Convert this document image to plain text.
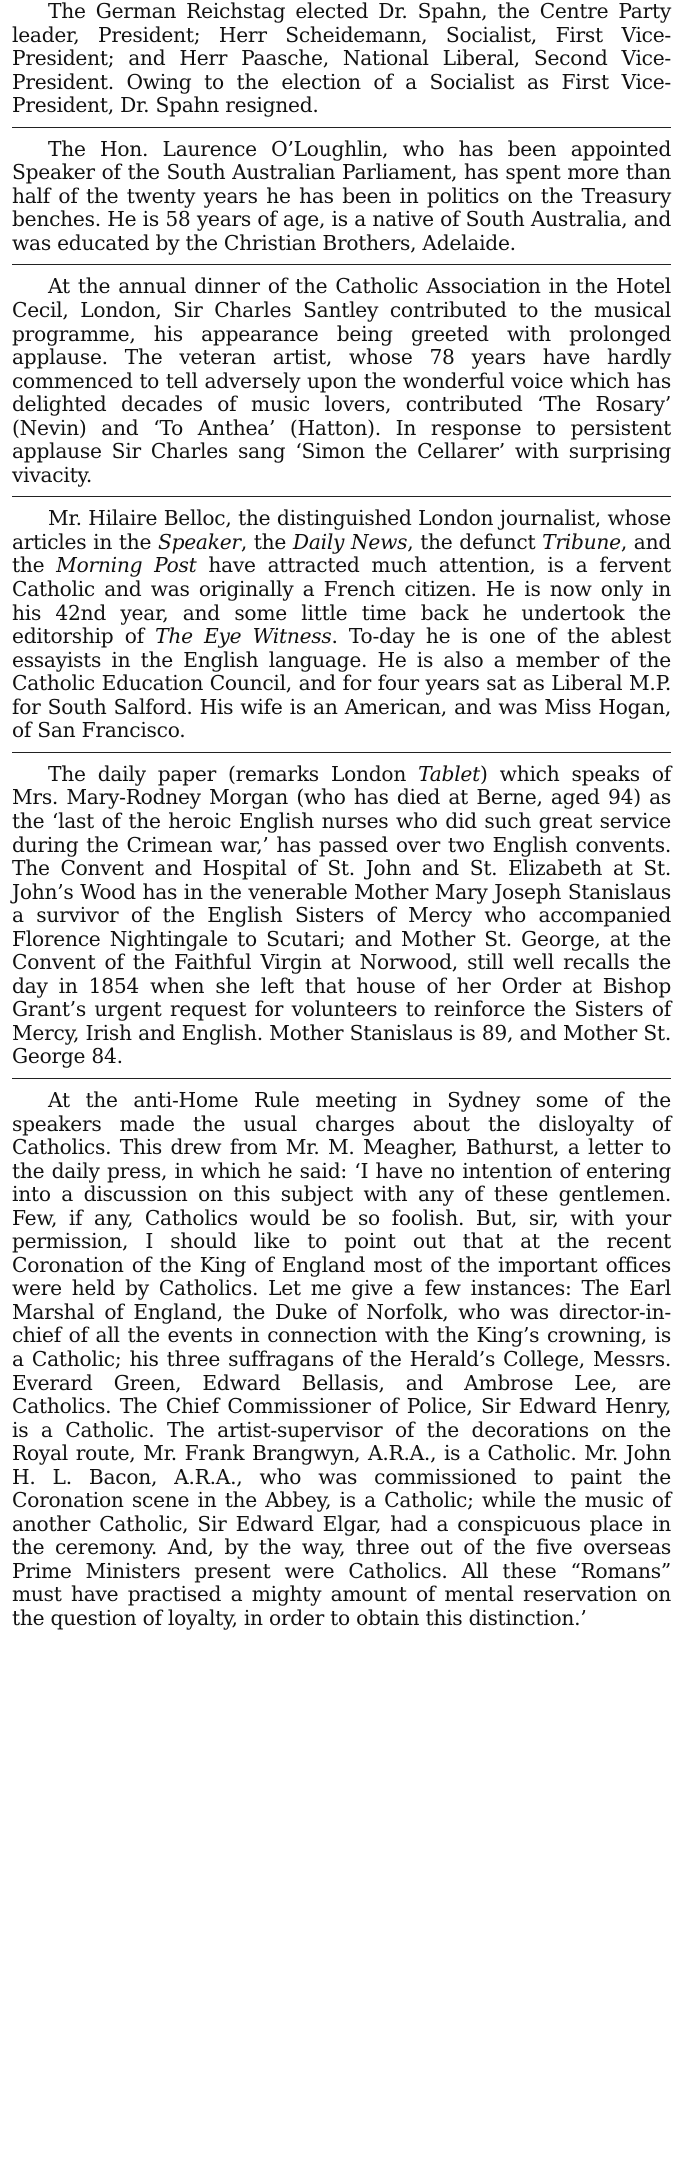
The German Reichstag elected Dr. Spahn, the Centre Party leader, President; Herr Scheidemann, Socialist, First Vice-President; and Herr Paasche, National Liberal, Second Vice-President. Owing to the election of a Socialist as First Vice-President, Dr. Spahn resigned.

The Hon. Laurence O’Loughlin, who has been appointed Speaker of the South Australian Parliament, has spent more than half of the twenty years he has been in politics on the Treasury benches. He is 58 years of age, is a native of South Australia, and was educated by the Christian Brothers, Adelaide.

At the annual dinner of the Catholic Association in the Hotel Cecil, London, Sir Charles Santley contributed to the musical programme, his appearance being greeted with prolonged applause. The veteran artist, whose 78 years have hardly commenced to tell adversely upon the wonderful voice which has delighted decades of music lovers, contributed ‘The Rosary’ (Nevin) and ‘To Anthea’ (Hatton). In response to persistent applause Sir Charles sang ‘Simon the Cellarer’ with surprising vivacity.

Mr. Hilaire Belloc, the distinguished London journalist, whose articles in the Speaker, the Daily News, the defunct Tribune, and the Morning Post have attracted much attention, is a fervent Catholic and was originally a French citizen. He is now only in his 42nd year, and some little time back he undertook the editorship of The Eye Witness. To-day he is one of the ablest essayists in the English language. He is also a member of the Catholic Education Council, and for four years sat as Liberal M.P. for South Salford. His wife is an American, and was Miss Hogan, of San Francisco.

The daily paper (remarks London Tablet) which speaks of Mrs. Mary-Rodney Morgan (who has died at Berne, aged 94) as the ‘last of the heroic English nurses who did such great service during the Crimean war,’ has passed over two English convents. The Convent and Hospital of St. John and St. Elizabeth at St. John’s Wood has in the venerable Mother Mary Joseph Stanislaus a survivor of the English Sisters of Mercy who accompanied Florence Nightingale to Scutari; and Mother St. George, at the Convent of the Faithful Virgin at Norwood, still well recalls the day in 1854 when she left that house of her Order at Bishop Grant’s urgent request for volunteers to reinforce the Sisters of Mercy, Irish and English. Mother Stanislaus is 89, and Mother St. George 84.

At the anti-Home Rule meeting in Sydney some of the speakers made the usual charges about the disloyalty of Catholics. This drew from Mr. M. Meagher, Bathurst, a letter to the daily press, in which he said: ‘I have no intention of entering into a discussion on this subject with any of these gentlemen. Few, if any, Catholics would be so foolish. But, sir, with your permission, I should like to point out that at the recent Coronation of the King of England most of the important offices were held by Catholics. Let me give a few instances: The Earl Marshal of England, the Duke of Norfolk, who was director-in-chief of all the events in connection with the King’s crowning, is a Catholic; his three suffragans of the Herald’s College, Messrs. Everard Green, Edward Bellasis, and Ambrose Lee, are Catholics. The Chief Commissioner of Police, Sir Edward Henry, is a Catholic. The artist-supervisor of the decorations on the Royal route, Mr. Frank Brangwyn, A.R.A., is a Catholic. Mr. John H. L. Bacon, A.R.A., who was commissioned to paint the Coronation scene in the Abbey, is a Catholic; while the music of another Catholic, Sir Edward Elgar, had a conspicuous place in the ceremony. And, by the way, three out of the five overseas Prime Ministers present were Catholics. All these “Romans” must have practised a mighty amount of mental reservation on the question of loyalty, in order to obtain this distinction.’
